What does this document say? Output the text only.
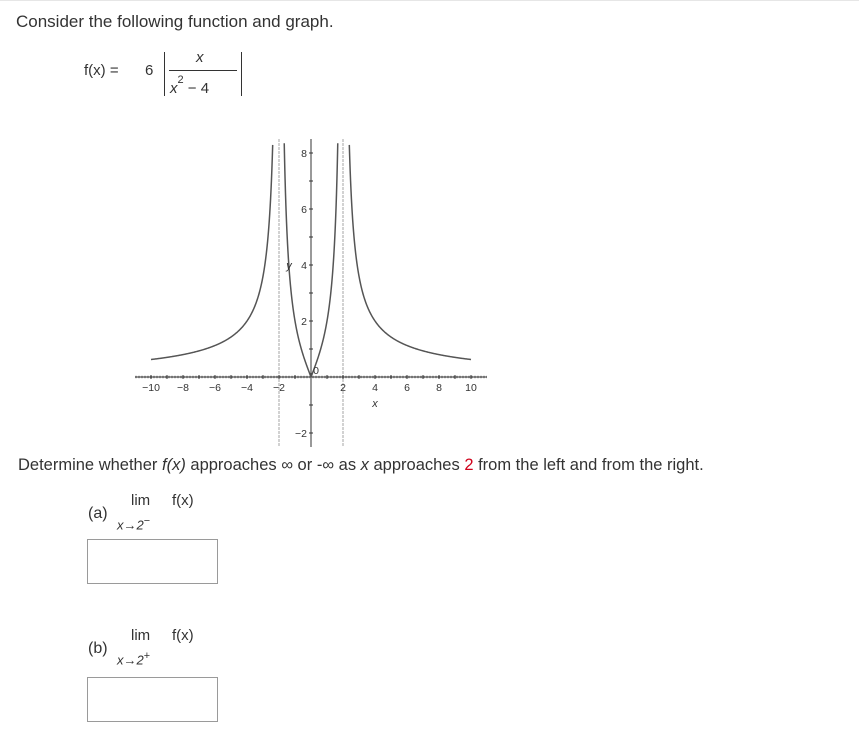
Consider the following function and graph.
f(x) = 6
x
$x^2 - 4$
−10 −8 −6 −4 −2
0
2 4 6 8 10
8
6
4
2
−2
x
y
Determine whether f(x) approaches ∞ or -∞ as x approaches 2 from the left and from the right.
(a)
lim f(x)
x→2−
(b)
lim f(x)
x→2+
